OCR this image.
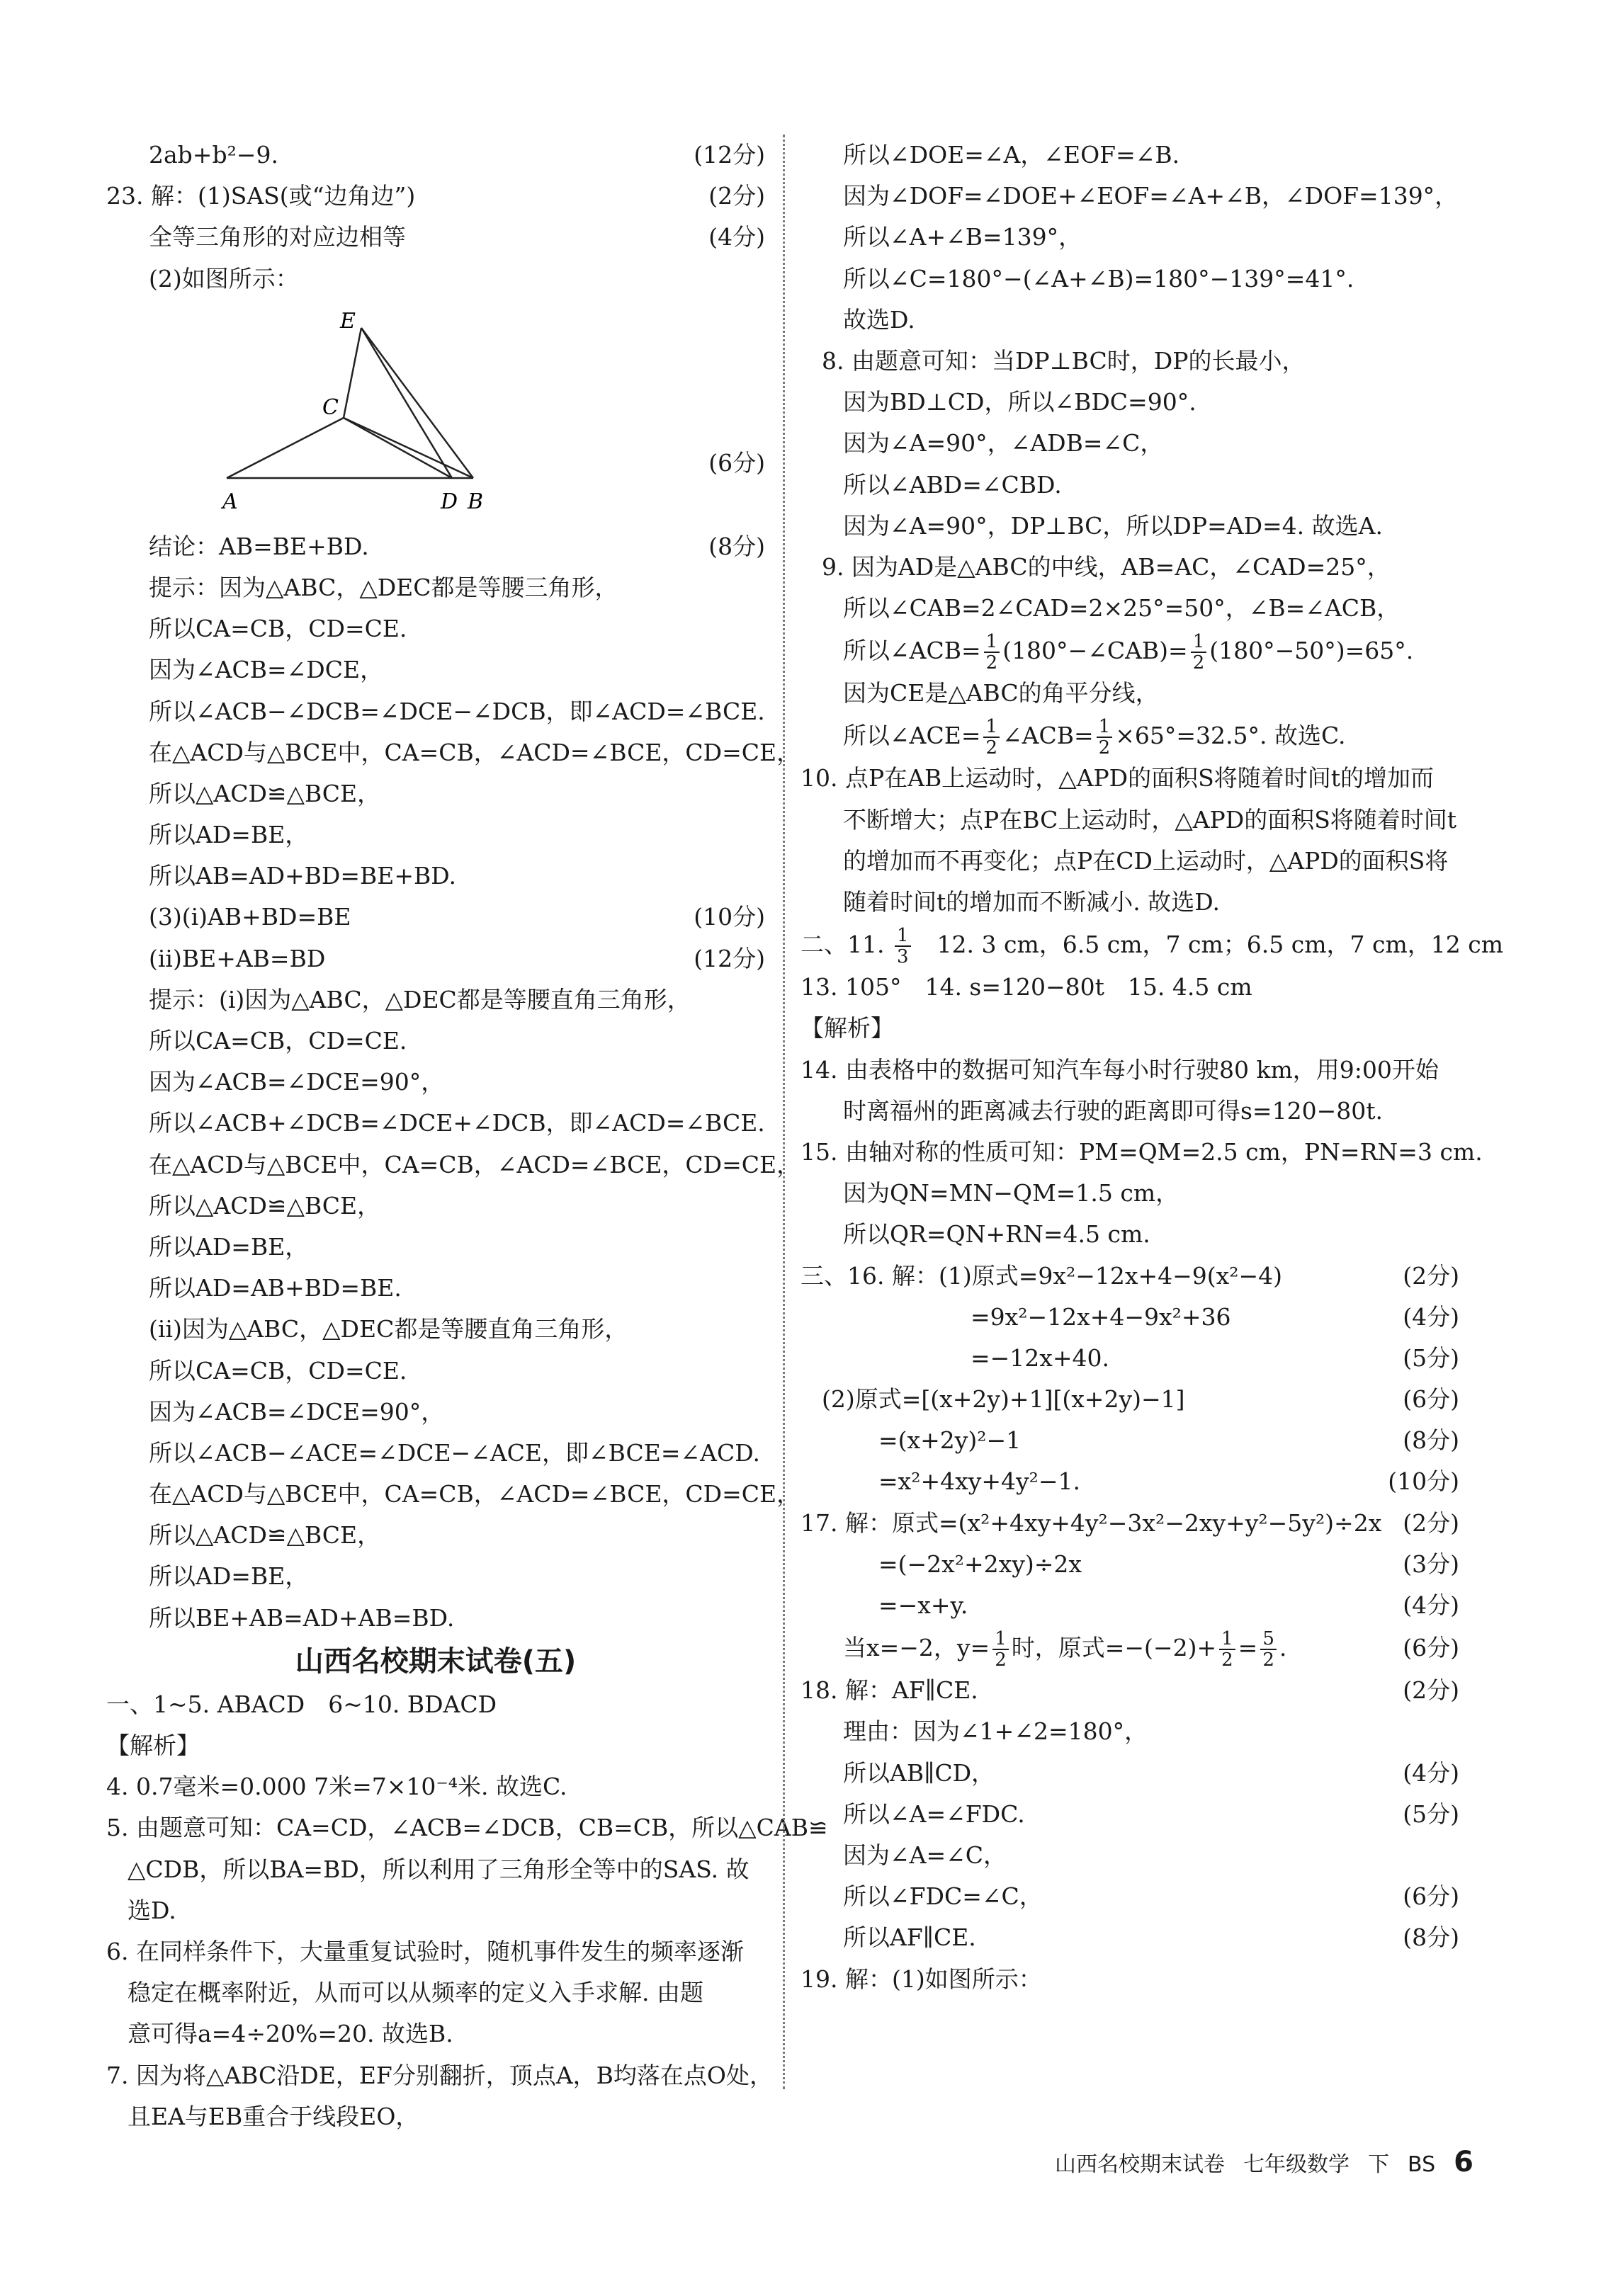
2ab+b²−9.	(12分)
23. 解：(1)SAS(或“边角边”)	(2分)
全等三角形的对应边相等	(4分)
(2)如图所示：
E
C
A	D B
(6分)
结论：AB=BE+BD.	(8分)
提示：因为△ABC，△DEC都是等腰三角形，
所以CA=CB，CD=CE.
因为∠ACB=∠DCE，
所以∠ACB−∠DCB=∠DCE−∠DCB，即∠ACD=∠BCE.
在△ACD与△BCE中，CA=CB，∠ACD=∠BCE，CD=CE，
所以△ACD≌△BCE，
所以AD=BE，
所以AB=AD+BD=BE+BD.
(3)(i)AB+BD=BE	(10分)
(ii)BE+AB=BD	(12分)
提示：(i)因为△ABC，△DEC都是等腰直角三角形，
所以CA=CB，CD=CE.
因为∠ACB=∠DCE=90°，
所以∠ACB+∠DCB=∠DCE+∠DCB，即∠ACD=∠BCE.
在△ACD与△BCE中，CA=CB，∠ACD=∠BCE，CD=CE，
所以△ACD≌△BCE，
所以AD=BE，
所以AD=AB+BD=BE.
(ii)因为△ABC，△DEC都是等腰直角三角形，
所以CA=CB，CD=CE.
因为∠ACB=∠DCE=90°，
所以∠ACB−∠ACE=∠DCE−∠ACE，即∠BCE=∠ACD.
在△ACD与△BCE中，CA=CB，∠ACD=∠BCE，CD=CE，
所以△ACD≌△BCE，
所以AD=BE，
所以BE+AB=AD+AB=BD.
山西名校期末试卷(五)
一、1~5. ABACD　6~10. BDACD
【解析】
4. 0.7毫米=0.000 7米=7×10⁻⁴米. 故选C.
5. 由题意可知：CA=CD，∠ACB=∠DCB，CB=CB，所以△CAB≌
△CDB，所以BA=BD，所以利用了三角形全等中的SAS. 故
选D.
6. 在同样条件下，大量重复试验时，随机事件发生的频率逐渐
稳定在概率附近，从而可以从频率的定义入手求解. 由题
意可得a=4÷20%=20. 故选B.
7. 因为将△ABC沿DE，EF分别翻折，顶点A，B均落在点O处，
且EA与EB重合于线段EO，
所以∠DOE=∠A，∠EOF=∠B.
因为∠DOF=∠DOE+∠EOF=∠A+∠B，∠DOF=139°，
所以∠A+∠B=139°，
所以∠C=180°−(∠A+∠B)=180°−139°=41°.
故选D.
8. 由题意可知：当DP⊥BC时，DP的长最小，
因为BD⊥CD，所以∠BDC=90°.
因为∠A=90°，∠ADB=∠C，
所以∠ABD=∠CBD.
因为∠A=90°，DP⊥BC，所以DP=AD=4. 故选A.
9. 因为AD是△ABC的中线，AB=AC，∠CAD=25°，
所以∠CAB=2∠CAD=2×25°=50°，∠B=∠ACB，
所以∠ACB= $\frac{1}{2}$ (180°−∠CAB)= $\frac{1}{2} (180^\circ-50^\circ)=65^\circ$.
因为CE是△ABC的角平分线，
所以∠ACE= $\frac{1}{2}$ ∠ACB= $\frac{1}{2} \times 65^\circ=32.5^\circ$. 故选C.
10. 点P在AB上运动时，△APD的面积S将随着时间t的增加而
不断增大；点P在BC上运动时，△APD的面积S将随着时间t
的增加而不再变化；点P在CD上运动时，△APD的面积S将
随着时间t的增加而不断减小. 故选D.
二、11. $\frac{1}{3}$ 　12. 3 cm，6.5 cm，7 cm；6.5 cm，7 cm，12 cm
13. 105°　14. s=120−80t　15. 4.5 cm
【解析】
14. 由表格中的数据可知汽车每小时行驶80 km，用9:00开始
时离福州的距离减去行驶的距离即可得s=120−80t.
15. 由轴对称的性质可知：PM=QM=2.5 cm，PN=RN=3 cm.
因为QN=MN−QM=1.5 cm，
所以QR=QN+RN=4.5 cm.
三、16. 解：(1)原式=9x²−12x+4−9(x²−4)	(2分)
=9x²−12x+4−9x²+36	(4分)
=−12x+40.	(5分)
(2)原式=[(x+2y)+1][(x+2y)−1]	(6分)
=(x+2y)²−1	(8分)
=x²+4xy+4y²−1.	(10分)
17. 解：原式=(x²+4xy+4y²−3x²−2xy+y²−5y²)÷2x (2分)
=(−2x²+2xy)÷2x	(3分)
=−x+y.	(4分)
当x=−2，$y= \frac{1}{2}$ 时，原式$=-(-2)+ \frac{1}{2} = \frac{5}{2}$ .	(6分)
18. 解：AF∥CE.	(2分)
理由：因为∠1+∠2=180°，
所以AB∥CD，	(4分)
所以∠A=∠FDC.	(5分)
因为∠A=∠C，
所以∠FDC=∠C，	(6分)
所以AF∥CE.	(8分)
19. 解：(1)如图所示：
山西名校期末试卷 七年级数学 下 BS 6
